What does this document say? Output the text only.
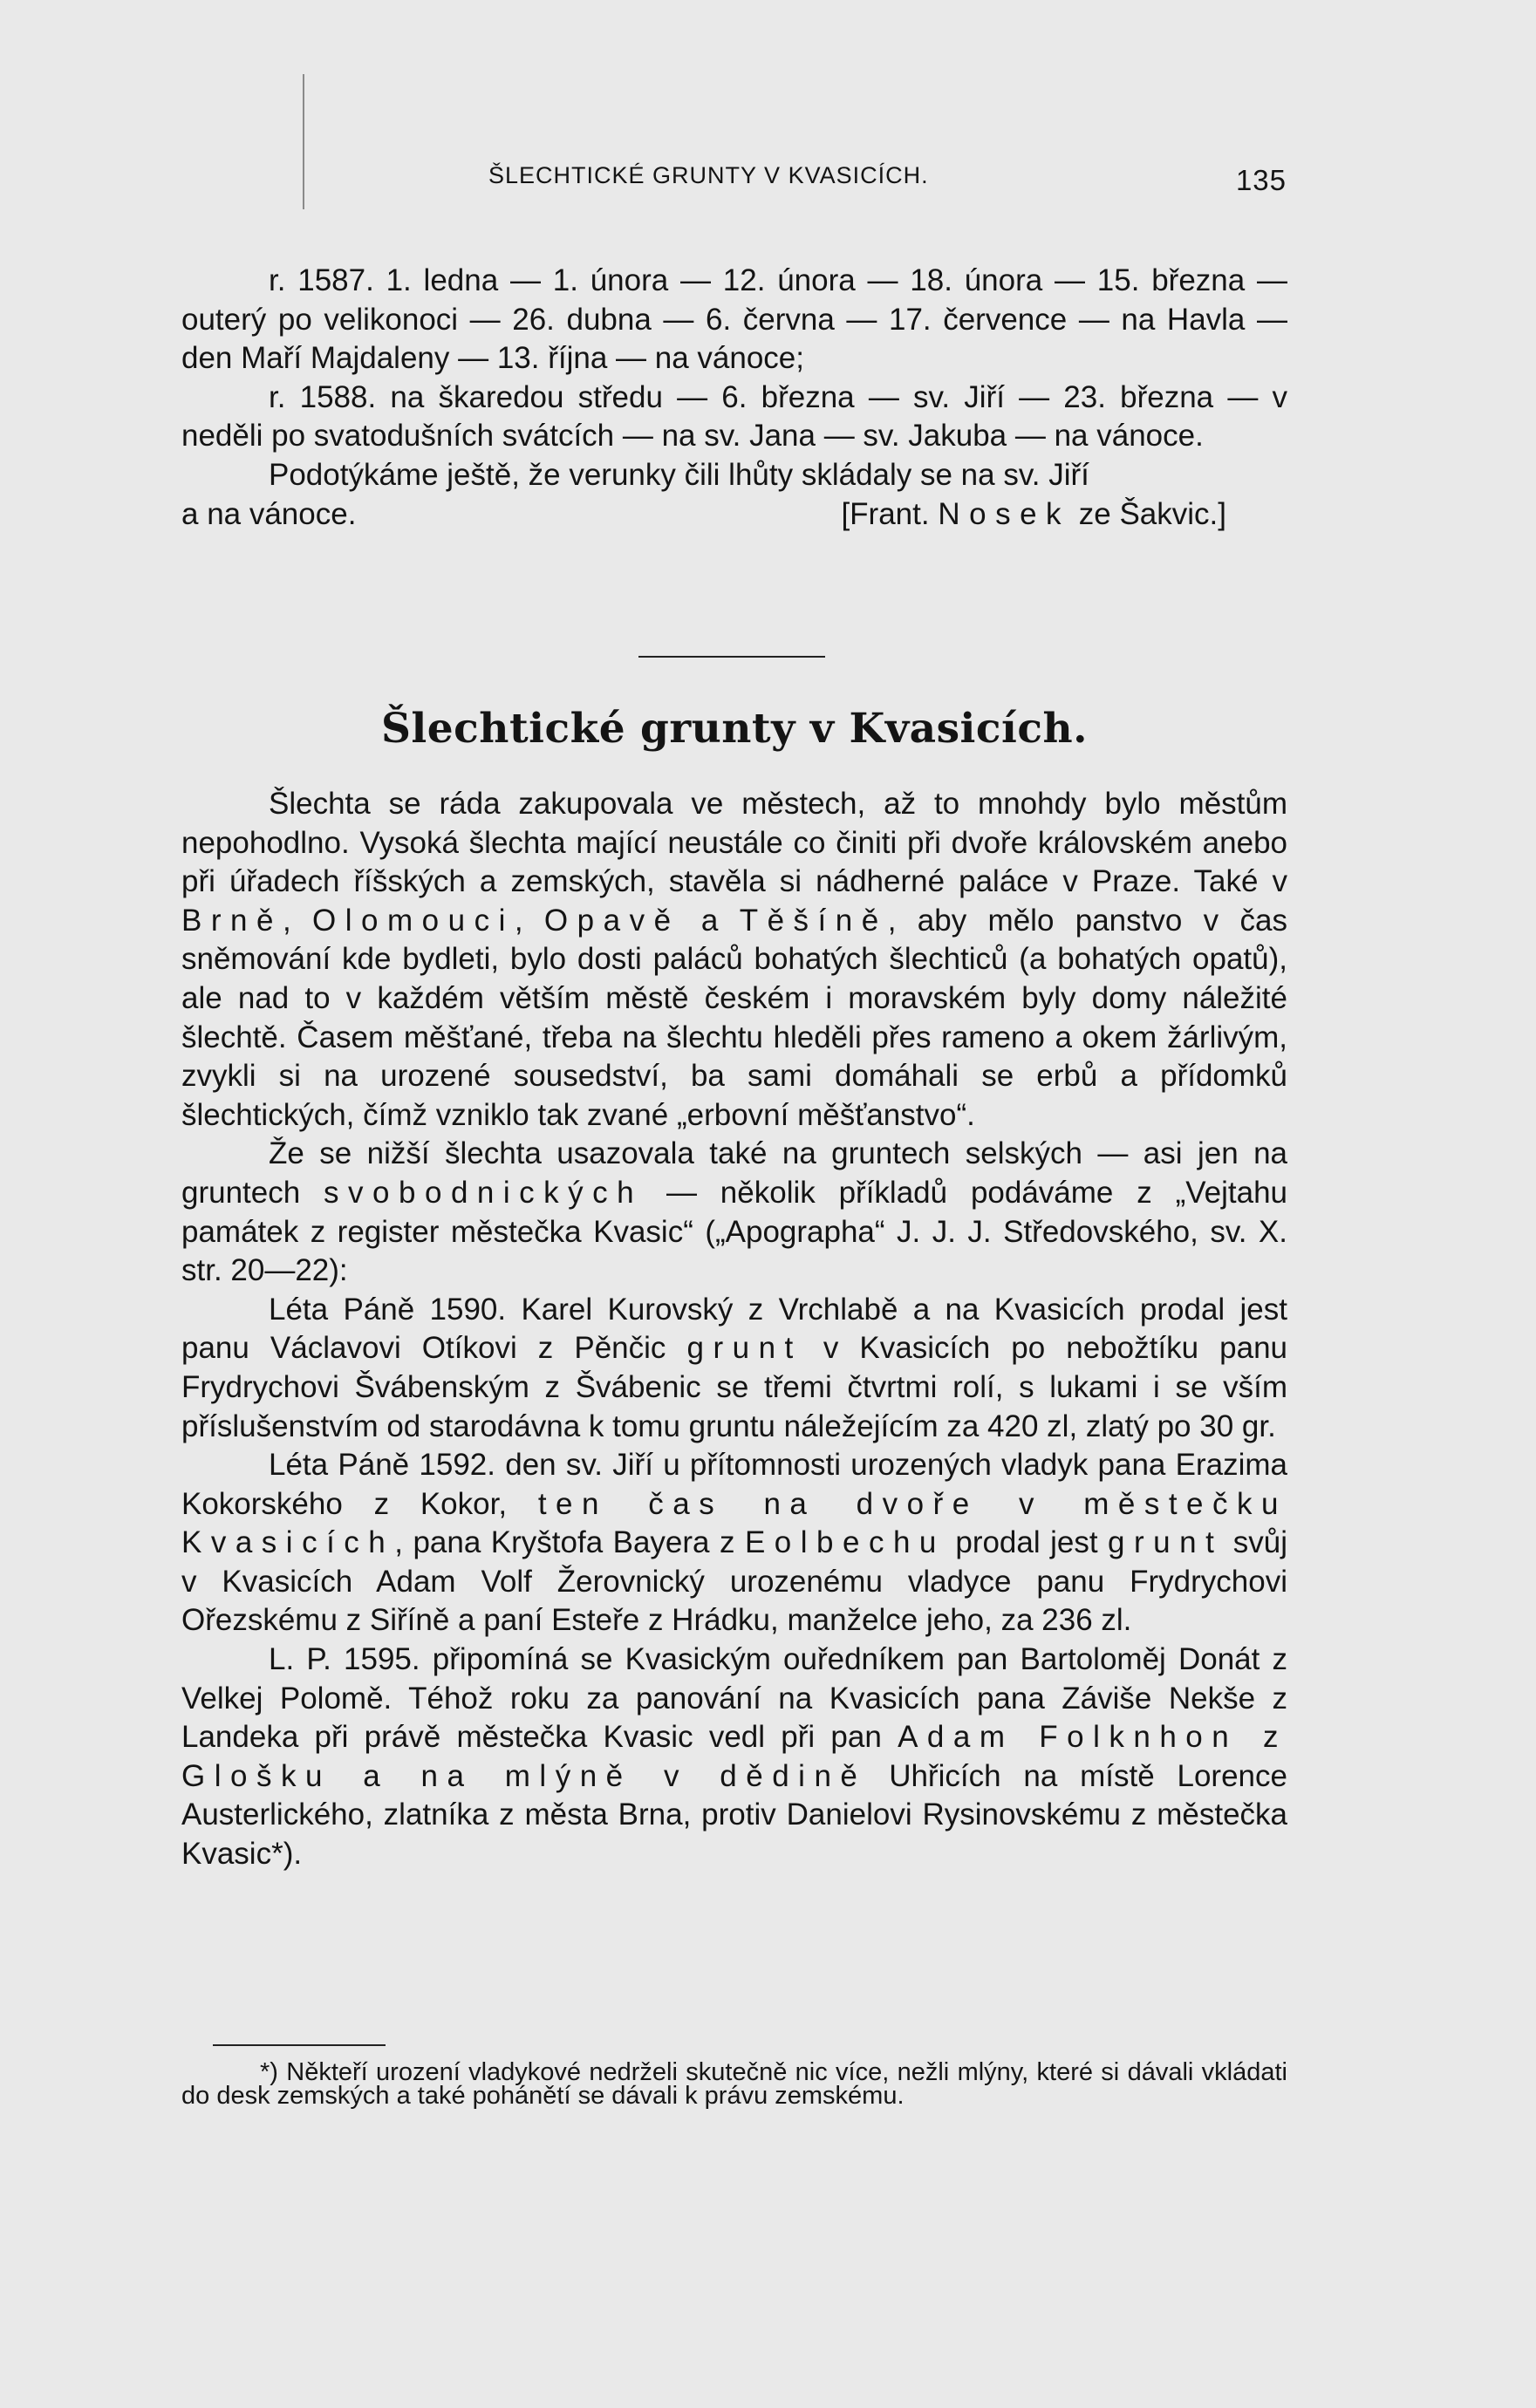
ŠLECHTICKÉ GRUNTY V KVASICÍCH.	135

r. 1587. 1. ledna — 1. února — 12. února — 18. února — 15. března — outerý po velikonoci — 26. dubna — 6. června — 17. července — na Havla — den Maří Majdaleny — 13. října — na vánoce;

r. 1588. na škaredou středu — 6. března — sv. Jiří — 23. března — v neděli po svatodušních svátcích — na sv. Jana — sv. Jakuba — na vánoce.

Podotýkáme ještě, že verunky čili lhůty skládaly se na sv. Jiří

a na vánoce.	[Frant. Nosek ze Šakvic.]
Šlechtické grunty v Kvasicích.

Šlechta se ráda zakupovala ve městech, až to mnohdy bylo městům nepohodlno. Vysoká šlechta mající neustále co činiti při dvoře královském anebo při úřadech říšských a zemských, stavěla si nádherné paláce v Praze. Také v Brně, Olomouci, Opavě a Těšíně, aby mělo panstvo v čas sněmování kde bydleti, bylo dosti paláců bohatých šlechticů (a bohatých opatů), ale nad to v každém větším městě českém i moravském byly domy náležité šlechtě. Časem měšťané, třeba na šlechtu hleděli přes rameno a okem žárlivým, zvykli si na urozené sousedství, ba sami domáhali se erbů a přídomků šlechtických, čímž vzniklo tak zvané „erbovní měšťanstvo“.

Že se nižší šlechta usazovala také na gruntech selských — asi jen na gruntech svobodnických — několik příkladů podáváme z „Vejtahu památek z register městečka Kvasic“ („Apographa“ J. J. J. Středovského, sv. X. str. 20—22):

Léta Páně 1590. Karel Kurovský z Vrchlabě a na Kvasicích prodal jest panu Václavovi Otíkovi z Pěnčic grunt v Kvasicích po nebožtíku panu Frydrychovi Švábenským z Švábenic se třemi čtvrtmi rolí, s lukami i se vším příslušenstvím od starodávna k tomu gruntu náležejícím za 420 zl, zlatý po 30 gr.

Léta Páně 1592. den sv. Jiří u přítomnosti urozených vladyk pana Erazima Kokorského z Kokor, ten čas na dvoře v městečku Kvasicích, pana Kryštofa Bayera z Eolbechu prodal jest grunt svůj v Kvasicích Adam Volf Žerovnický urozenému vladyce panu Frydrychovi Ořezskému z Siříně a paní Esteře z Hrádku, manželce jeho, za 236 zl.

L. P. 1595. připomíná se Kvasickým ouředníkem pan Bartoloměj Donát z Velkej Polomě. Téhož roku za panování na Kvasicích pana Záviše Nekše z Landeka při právě městečka Kvasic vedl při pan Adam Folknhon z Glošku a na mlýně v dědině Uhřicích na místě Lorence Austerlického, zlatníka z města Brna, protiv Danielovi Rysinovskému z městečka Kvasic*).

*) Někteří urození vladykové nedrželi skutečně nic více, nežli mlýny, které si dávali vkládati do desk zemských a také pohánětí se dávali k právu zemskému.
